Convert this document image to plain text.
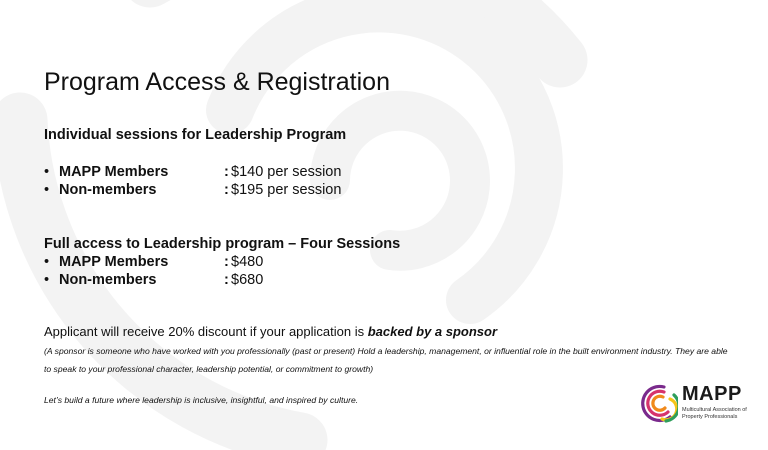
Program Access & Registration
Individual sessions for Leadership Program
• MAPP Members	: $140 per session
• Non-members	: $195 per session
Full access to Leadership program – Four Sessions
• MAPP Members	: $480
• Non-members	: $680
Applicant will receive 20% discount if your application is backed by a sponsor
(A sponsor is someone who have worked with you professionally (past or present) Hold a leadership, management, or influential role in the built environment industry. They are able to speak to your professional character, leadership potential, or commitment to growth)
Let’s build a future where leadership is inclusive, insightful, and inspired by culture.	MAPP
Multicultural Association of Property Professionals
